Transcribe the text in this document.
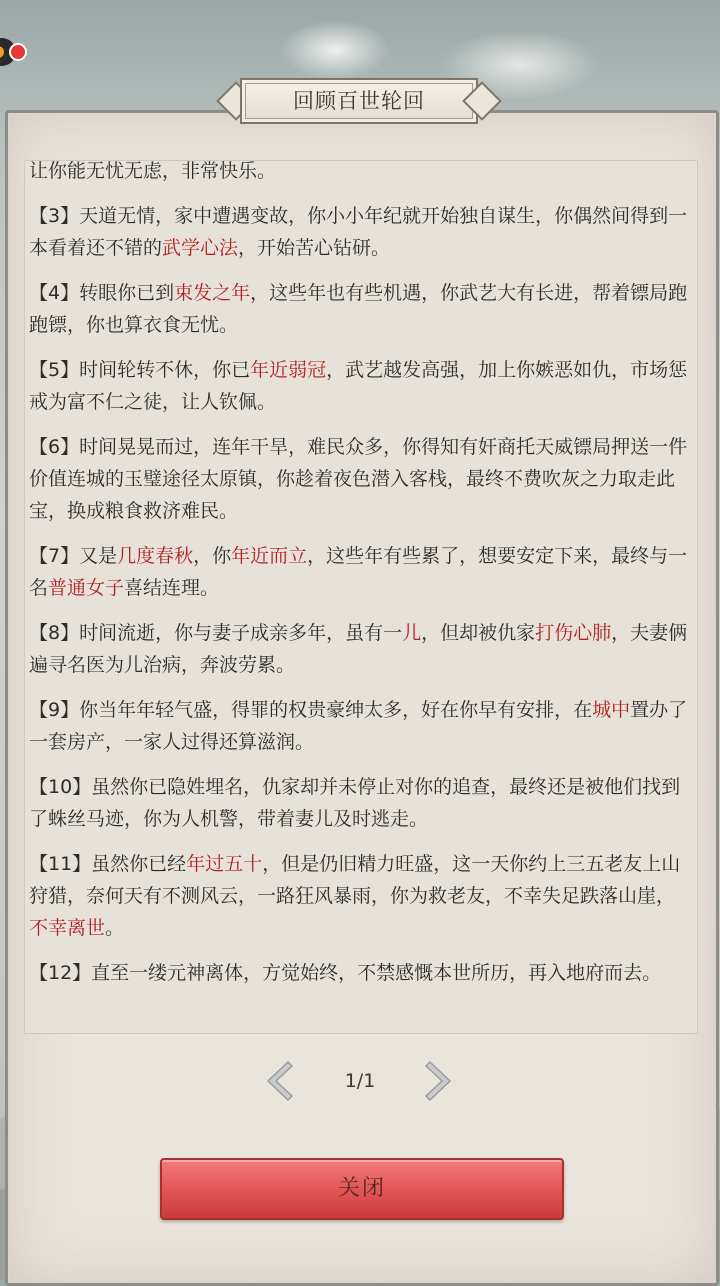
回顾百世轮回
让你能无忧无虑，非常快乐。
【3】天道无情，家中遭遇变故，你小小年纪就开始独自谋生，你偶然间得到一本看着还不错的武学心法，开始苦心钻研。
【4】转眼你已到束发之年，这些年也有些机遇，你武艺大有长进，帮着镖局跑跑镖，你也算衣食无忧。
【5】时间轮转不休，你已年近弱冠，武艺越发高强，加上你嫉恶如仇，市场惩戒为富不仁之徒，让人钦佩。
【6】时间晃晃而过，连年干旱，难民众多，你得知有奸商托天威镖局押送一件价值连城的玉璧途径太原镇，你趁着夜色潜入客栈，最终不费吹灰之力取走此宝，换成粮食救济难民。
【7】又是几度春秋，你年近而立，这些年有些累了，想要安定下来，最终与一名普通女子喜结连理。
【8】时间流逝，你与妻子成亲多年，虽有一儿，但却被仇家打伤心肺，夫妻俩遍寻名医为儿治病，奔波劳累。
【9】你当年年轻气盛，得罪的权贵豪绅太多，好在你早有安排，在城中置办了一套房产，一家人过得还算滋润。
【10】虽然你已隐姓埋名，仇家却并未停止对你的追查，最终还是被他们找到了蛛丝马迹，你为人机警，带着妻儿及时逃走。
【11】虽然你已经年过五十，但是仍旧精力旺盛，这一天你约上三五老友上山狩猎，奈何天有不测风云，一路狂风暴雨，你为救老友，不幸失足跌落山崖，不幸离世。
【12】直至一缕元神离体，方觉始终，不禁感慨本世所历，再入地府而去。
1/1
关闭
